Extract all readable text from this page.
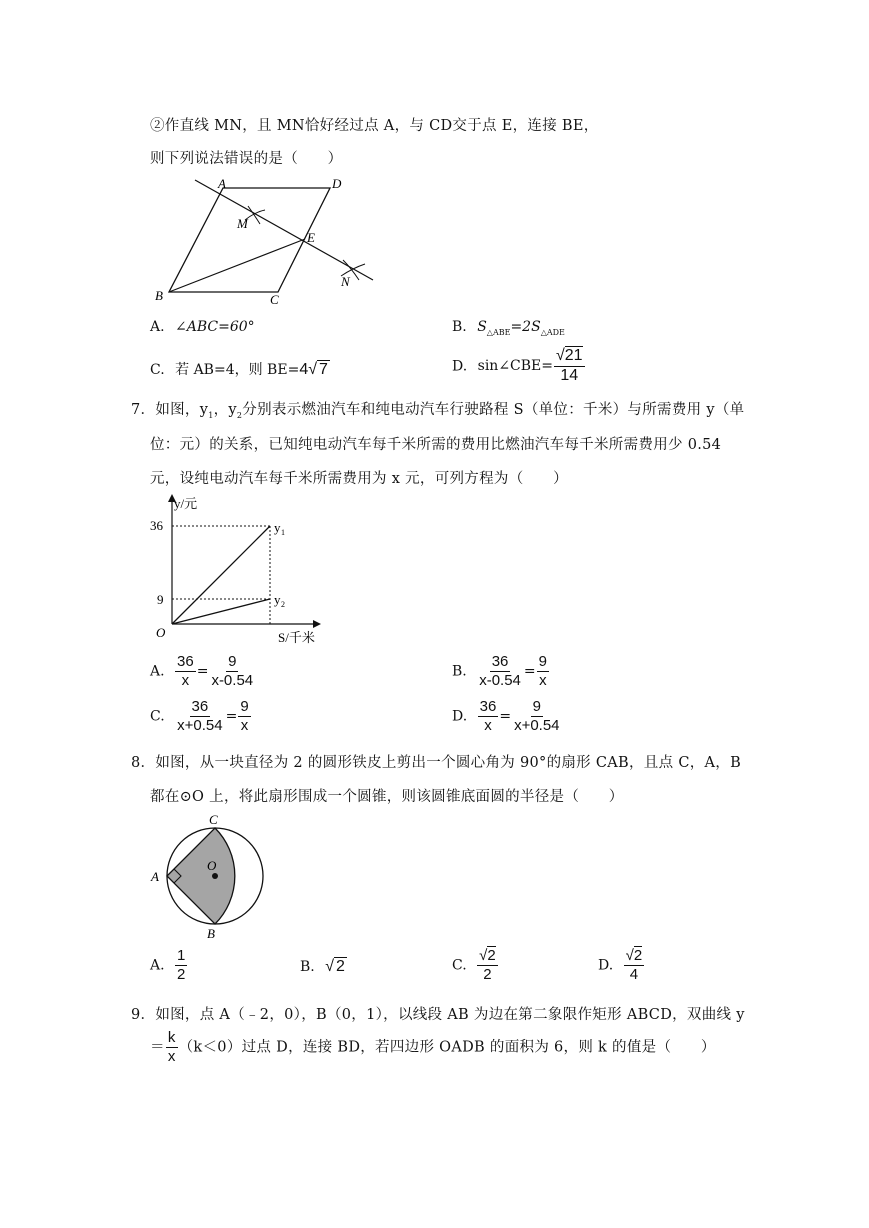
②作直线 MN，且 MN恰好经过点 A，与 CD交于点 E，连接 BE，
则下列说法错误的是（　　）
A	D
M
E
N
B	C
A. ∠ABC=60°	B. $S_{\triangle ABE}=2S_{\triangle ADE}$
C. 若 AB=4，则 BE=4√ 7	D. sin∠CBE= $\frac{√21}{14}$
7．如图，$y_1$，$y_2$分别表示燃油汽车和纯电动汽车行驶路程 S（单位：千米）与所需费用 y（单
位：元）的关系，已知纯电动汽车每千米所需的费用比燃油汽车每千米所需费用少 0.54
元，设纯电动汽车每千米所需费用为 x 元，可列方程为（　　）
y/元
S/千米
O
36
9
y 1
y 2
A. $\frac{36}{x} = \frac{9}{x-0.54}$	B. $\frac{36}{x-0.54} = \frac{9}{x}$
C. $\frac{36}{x+0.54} = \frac{9}{x}$	D. $\frac{36}{x} = \frac{9}{x+0.54}$
8．如图，从一块直径为 2 的圆形铁皮上剪出一个圆心角为 90°的扇形 CAB，且点 C，A，B
都在⊙O 上，将此扇形围成一个圆锥，则该圆锥底面圆的半径是（　　）
C
O
A
B
A. $\frac{1}{2}$	B. √ 2	C. $\frac{√2}{2}$	D. $\frac{√2}{4}$
9．如图，点 A（﹣2，0），B（0，1），以线段 AB 为边在第二象限作矩形 ABCD，双曲线 y
＝ $\frac{k}{x} (k<0)$过点 D，连接 BD，若四边形 OADB 的面积为 6，则 k 的值是（　　）
